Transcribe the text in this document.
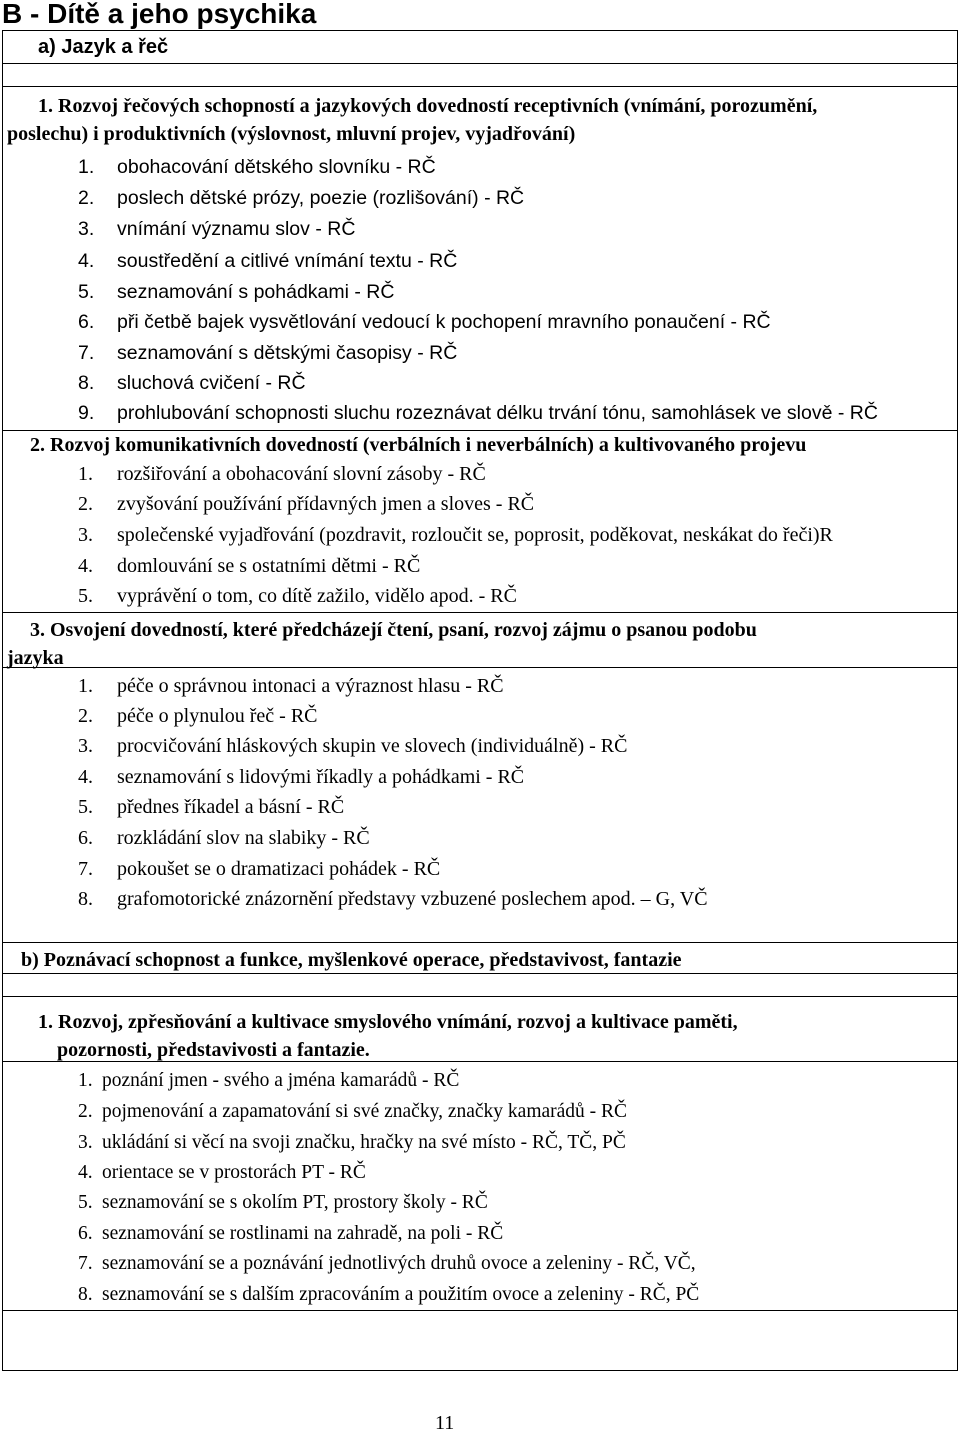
B - Dítě a jeho psychika
a) Jazyk a řeč
1. Rozvoj řečových schopností a jazykových dovedností receptivních (vnímání, porozumění,
poslechu) i produktivních (výslovnost, mluvní projev, vyjadřování)
1. obohacování dětského slovníku - RČ
2. poslech dětské prózy, poezie (rozlišování) - RČ
3. vnímání významu slov - RČ
4. soustředění a citlivé vnímání textu - RČ
5. seznamování s pohádkami - RČ
6. při četbě bajek vysvětlování vedoucí k pochopení mravního ponaučení - RČ
7. seznamování s dětskými časopisy - RČ
8. sluchová cvičení - RČ
9. prohlubování schopnosti sluchu rozeznávat délku trvání tónu, samohlásek ve slově - RČ
2. Rozvoj komunikativních dovedností (verbálních i neverbálních) a kultivovaného projevu
1. rozšiřování a obohacování slovní zásoby - RČ
2. zvyšování používání přídavných jmen a sloves - RČ
3. společenské vyjadřování (pozdravit, rozloučit se, poprosit, poděkovat, neskákat do řeči)R
4. domlouvání se s ostatními dětmi - RČ
5. vyprávění o tom, co dítě zažilo, vidělo apod. - RČ
3. Osvojení dovedností, které předcházejí čtení, psaní, rozvoj zájmu o psanou podobu
jazyka
1. péče o správnou intonaci a výraznost hlasu - RČ
2. péče o plynulou řeč - RČ
3. procvičování hláskových skupin ve slovech (individuálně) - RČ
4. seznamování s lidovými říkadly a pohádkami - RČ
5. přednes říkadel a básní - RČ
6. rozkládání slov na slabiky - RČ
7. pokoušet se o dramatizaci pohádek - RČ
8. grafomotorické znázornění představy vzbuzené poslechem apod. – G, VČ
b) Poznávací schopnost a funkce, myšlenkové operace, představivost, fantazie
1. Rozvoj, zpřesňování a kultivace smyslového vnímání, rozvoj a kultivace paměti,
pozornosti, představivosti a fantazie.
1. poznání jmen - svého a jména kamarádů - RČ
2. pojmenování a zapamatování si své značky, značky kamarádů - RČ
3. ukládání si věcí na svoji značku, hračky na své místo - RČ, TČ, PČ
4. orientace se v prostorách PT - RČ
5. seznamování se s okolím PT, prostory školy - RČ
6. seznamování se rostlinami na zahradě, na poli - RČ
7. seznamování se a poznávání jednotlivých druhů ovoce a zeleniny - RČ, VČ,
8. seznamování se s dalším zpracováním a použitím ovoce a zeleniny - RČ, PČ
11
